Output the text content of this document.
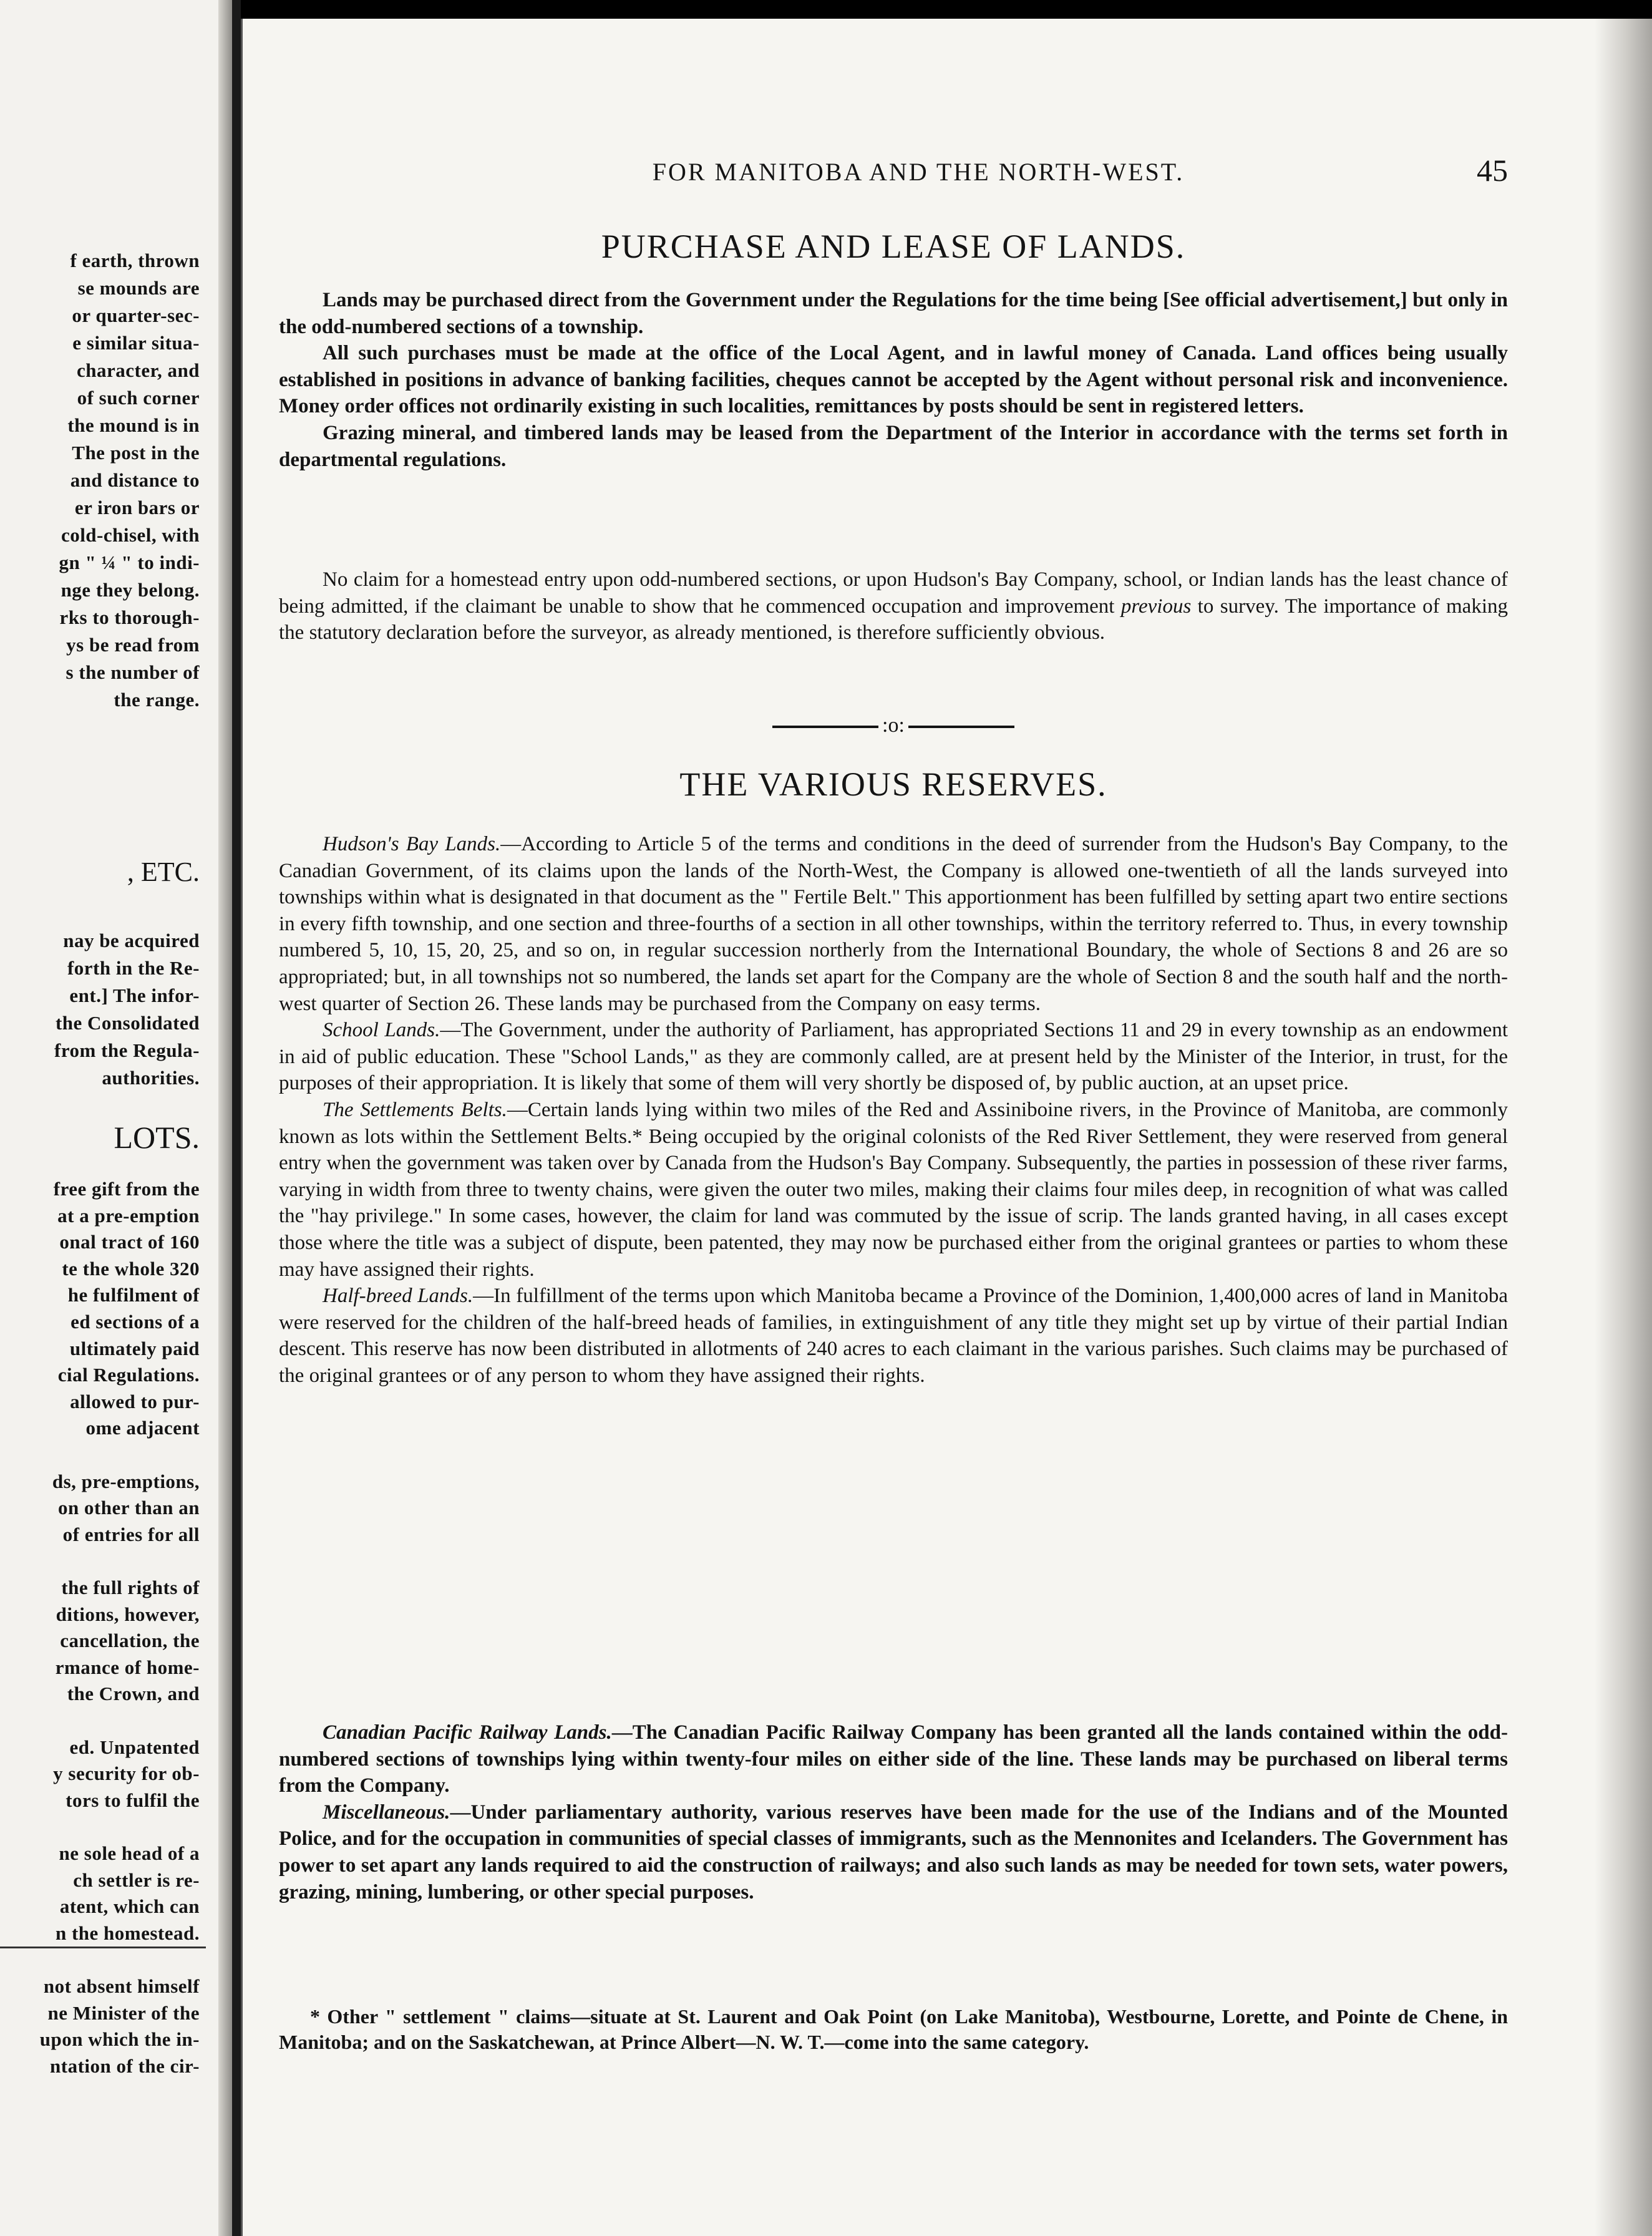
f earth, thrown
se mounds are
or quarter-sec-
e similar situa-
character, and
of such corner
the mound is in
The post in the
and distance to
er iron bars or
cold-chisel, with
gn " ¼ " to indi-
nge they belong.
rks to thorough-
ys be read from
s the number of
the range.
, ETC.
nay be acquired
forth in the Re-
ent.] The infor-
the Consolidated
from the Regula-
authorities.
LOTS.
free gift from the
at a pre-emption
onal tract of 160
te the whole 320
he fulfilment of
ed sections of a
ultimately paid
cial Regulations.
allowed to pur-
ome adjacent
ds, pre-emptions,
on other than an
of entries for all
the full rights of
ditions, however,
cancellation, the
rmance of home-
the Crown, and
ed. Unpatented
y security for ob-
tors to fulfil the
ne sole head of a
ch settler is re-
atent, which can
n the homestead.
not absent himself
ne Minister of the
upon which the in-
ntation of the cir-
FOR MANITOBA AND THE NORTH-WEST.	45
PURCHASE AND LEASE OF LANDS.

Lands may be purchased direct from the Government under the Regulations for the time being [See official advertisement,] but only in the odd-numbered sections of a township.

All such purchases must be made at the office of the Local Agent, and in lawful money of Canada. Land offices being usually established in positions in advance of banking facilities, cheques cannot be accepted by the Agent without personal risk and inconvenience. Money order offices not ordinarily existing in such localities, remittances by posts should be sent in registered letters.

Grazing mineral, and timbered lands may be leased from the Department of the Interior in accordance with the terms set forth in departmental regulations.

No claim for a homestead entry upon odd-numbered sections, or upon Hudson's Bay Company, school, or Indian lands has the least chance of being admitted, if the claimant be unable to show that he commenced occupation and improvement previous to survey. The importance of making the statutory declaration before the surveyor, as already mentioned, is therefore sufficiently obvious.

:o:
THE VARIOUS RESERVES.

Hudson's Bay Lands.—According to Article 5 of the terms and conditions in the deed of surrender from the Hudson's Bay Company, to the Canadian Government, of its claims upon the lands of the North-West, the Company is allowed one-twentieth of all the lands surveyed into townships within what is designated in that document as the " Fertile Belt." This apportionment has been fulfilled by setting apart two entire sections in every fifth township, and one section and three-fourths of a section in all other townships, within the territory referred to. Thus, in every township numbered 5, 10, 15, 20, 25, and so on, in regular succession northerly from the International Boundary, the whole of Sections 8 and 26 are so appropriated; but, in all townships not so numbered, the lands set apart for the Company are the whole of Section 8 and the south half and the north-west quarter of Section 26. These lands may be purchased from the Company on easy terms.

School Lands.—The Government, under the authority of Parliament, has appropriated Sections 11 and 29 in every township as an endowment in aid of public education. These "School Lands," as they are commonly called, are at present held by the Minister of the Interior, in trust, for the purposes of their appropriation. It is likely that some of them will very shortly be disposed of, by public auction, at an upset price.

The Settlements Belts.—Certain lands lying within two miles of the Red and Assiniboine rivers, in the Province of Manitoba, are commonly known as lots within the Settlement Belts.* Being occupied by the original colonists of the Red River Settlement, they were reserved from general entry when the government was taken over by Canada from the Hudson's Bay Company. Subsequently, the parties in possession of these river farms, varying in width from three to twenty chains, were given the outer two miles, making their claims four miles deep, in recognition of what was called the "hay privilege." In some cases, however, the claim for land was commuted by the issue of scrip. The lands granted having, in all cases except those where the title was a subject of dispute, been patented, they may now be purchased either from the original grantees or parties to whom these may have assigned their rights.

Half-breed Lands.—In fulfillment of the terms upon which Manitoba became a Province of the Dominion, 1,400,000 acres of land in Manitoba were reserved for the children of the half-breed heads of families, in extinguishment of any title they might set up by virtue of their partial Indian descent. This reserve has now been distributed in allotments of 240 acres to each claimant in the various parishes. Such claims may be purchased of the original grantees or of any person to whom they have assigned their rights.

Canadian Pacific Railway Lands.—The Canadian Pacific Railway Company has been granted all the lands contained within the odd-numbered sections of townships lying within twenty-four miles on either side of the line. These lands may be purchased on liberal terms from the Company.

Miscellaneous.—Under parliamentary authority, various reserves have been made for the use of the Indians and of the Mounted Police, and for the occupation in communities of special classes of immigrants, such as the Mennonites and Icelanders. The Government has power to set apart any lands required to aid the construction of railways; and also such lands as may be needed for town sets, water powers, grazing, mining, lumbering, or other special purposes.

* Other " settlement " claims—situate at St. Laurent and Oak Point (on Lake Manitoba), Westbourne, Lorette, and Pointe de Chene, in Manitoba; and on the Saskatchewan, at Prince Albert—N. W. T.—come into the same category.
